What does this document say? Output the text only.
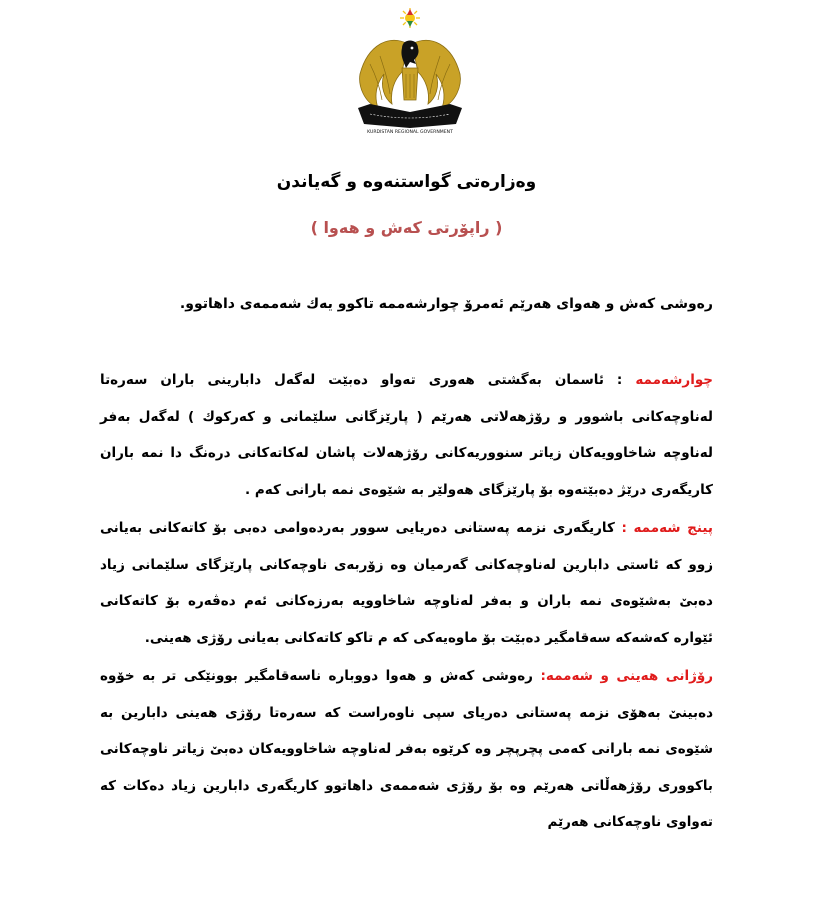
KURDISTAN REGIONAL GOVERNMENT
وەزارەتی گواستنەوە و گەیاندن
( راپۆرتی كەش و هەوا )
رەوشی كەش و هەوای هەرێم ئەمرۆ چوارشەممە تاكوو یەك شەممەی داهاتوو.

چوارشەممە : ئاسمان بەگشتی هەوری تەواو دەبێت لەگەل دابارینی باران سەرەتا لەناوچەكانی باشوور و رۆژهەلاتی هەرێم ( پارێزگانی سلێمانی و كەركوك ) لەگەل بەفر لەناوچە شاخاوویەكان زیاتر سنووریەكانی رۆژهەلات پاشان لەكاتەكانی درەنگ دا نمە باران كاریگەری درێژ دەبێتەوە بۆ پارێزگای هەولێر بە شێوەی نمە بارانی كەم .

پینج شەممە : كاریگەری نزمە پەستانی دەریایی سوور بەردەوامی دەبی بۆ كاتەكانی بەیانی زوو كە ئاستی دابارین لەناوچەكانی گەرمیان وە زۆربەی ناوچەكانی پارێزگای سلێمانی زیاد دەبێ بەشێوەی نمە باران و بەفر لەناوچە شاخاوویە بەرزەكانی ئەم دەڤەرە بۆ كاتەكانی ئێوارە كەشەكە سەقامگیر دەبێت بۆ ماوەیەكی كە م تاكو كاتەكانی بەیانی رۆژی هەینی.

رۆژانی هەینی و شەممە: رەوشی كەش و هەوا دووبارە ناسەقامگیر بوونێكی تر بە خۆوە دەبینێ بەهۆی نزمە پەستانی دەریای سپی ناوەراست كە سەرەتا رۆژی هەینی دابارین بە شێوەی نمە بارانی كەمی پچرپچر وە كرێوە بەفر لەناوچە شاخاوویەكان دەبێ زیاتر ناوچەكانی باكووری رۆژهەڵاتی هەرێم وە بۆ رۆژی شەممەی داهاتوو كاریگەری دابارین زیاد دەكات كە تەواوی ناوچەكانی هەرێم
